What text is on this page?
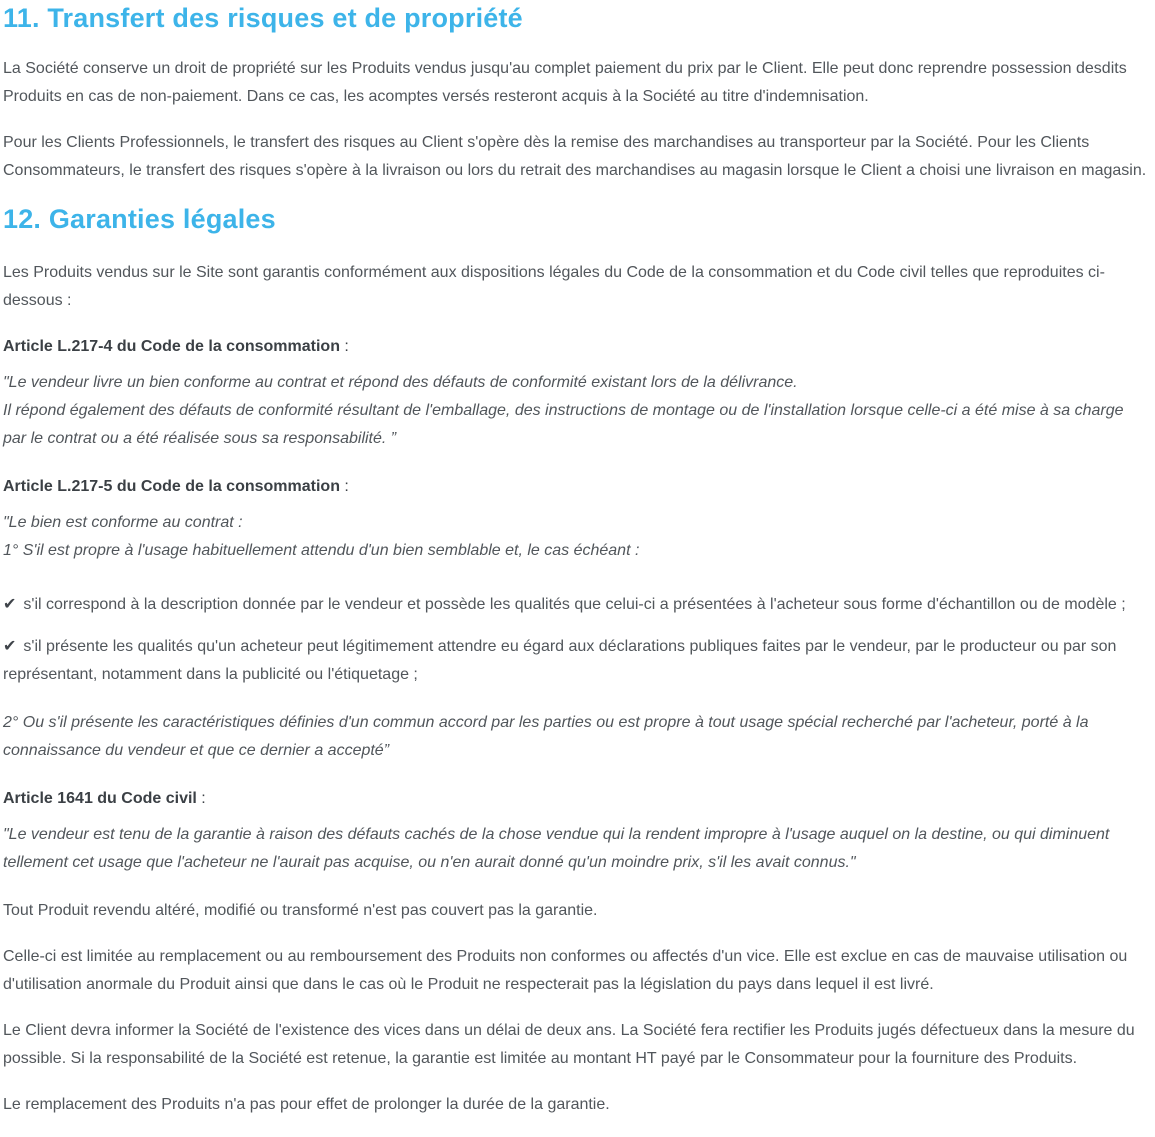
11. Transfert des risques et de propriété

La Société conserve un droit de propriété sur les Produits vendus jusqu'au complet paiement du prix par le Client. Elle peut donc reprendre possession desdits Produits en cas de non-paiement. Dans ce cas, les acomptes versés resteront acquis à la Société au titre d'indemnisation.

Pour les Clients Professionnels, le transfert des risques au Client s'opère dès la remise des marchandises au transporteur par la Société. Pour les Clients Consommateurs, le transfert des risques s'opère à la livraison ou lors du retrait des marchandises au magasin lorsque le Client a choisi une livraison en magasin.

12. Garanties légales

Les Produits vendus sur le Site sont garantis conformément aux dispositions légales du Code de la consommation et du Code civil telles que reproduites ci-dessous :

Article L.217-4 du Code de la consommation :

"Le vendeur livre un bien conforme au contrat et répond des défauts de conformité existant lors de la délivrance.
Il répond également des défauts de conformité résultant de l'emballage, des instructions de montage ou de l'installation lorsque celle-ci a été mise à sa charge par le contrat ou a été réalisée sous sa responsabilité. ”

Article L.217-5 du Code de la consommation :

"Le bien est conforme au contrat :
1° S'il est propre à l'usage habituellement attendu d'un bien semblable et, le cas échéant :

✔ s'il correspond à la description donnée par le vendeur et possède les qualités que celui-ci a présentées à l'acheteur sous forme d'échantillon ou de modèle ;
✔ s'il présente les qualités qu'un acheteur peut légitimement attendre eu égard aux déclarations publiques faites par le vendeur, par le producteur ou par son représentant, notamment dans la publicité ou l'étiquetage ;

2° Ou s'il présente les caractéristiques définies d'un commun accord par les parties ou est propre à tout usage spécial recherché par l'acheteur, porté à la connaissance du vendeur et que ce dernier a accepté”

Article 1641 du Code civil :

"Le vendeur est tenu de la garantie à raison des défauts cachés de la chose vendue qui la rendent impropre à l'usage auquel on la destine, ou qui diminuent tellement cet usage que l'acheteur ne l'aurait pas acquise, ou n'en aurait donné qu'un moindre prix, s'il les avait connus."

Tout Produit revendu altéré, modifié ou transformé n'est pas couvert pas la garantie.

Celle-ci est limitée au remplacement ou au remboursement des Produits non conformes ou affectés d'un vice. Elle est exclue en cas de mauvaise utilisation ou d'utilisation anormale du Produit ainsi que dans le cas où le Produit ne respecterait pas la législation du pays dans lequel il est livré.

Le Client devra informer la Société de l'existence des vices dans un délai de deux ans. La Société fera rectifier les Produits jugés défectueux dans la mesure du possible. Si la responsabilité de la Société est retenue, la garantie est limitée au montant HT payé par le Consommateur pour la fourniture des Produits.

Le remplacement des Produits n'a pas pour effet de prolonger la durée de la garantie.
